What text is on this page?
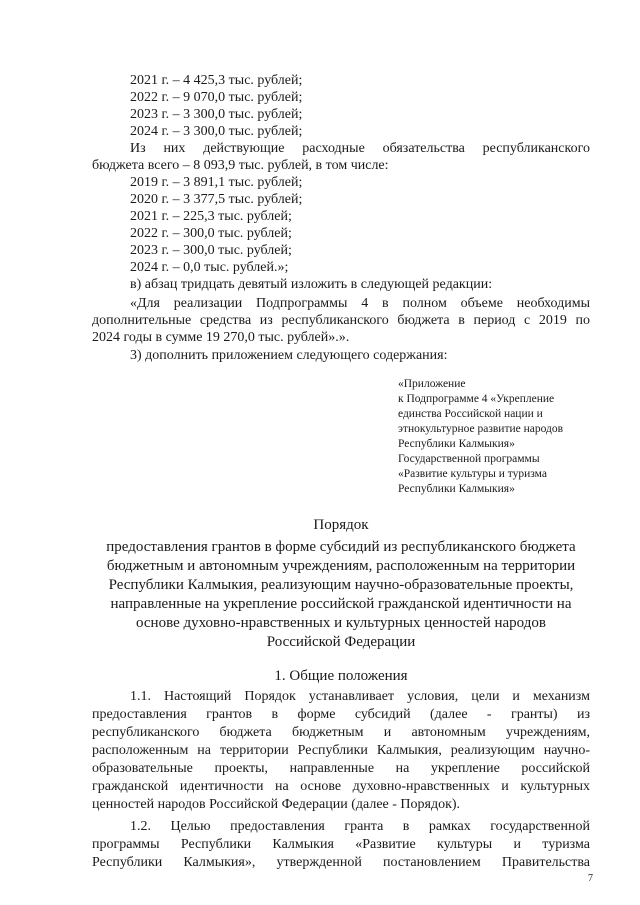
2021 г. – 4 425,3 тыс. рублей;
2022 г. – 9 070,0 тыс. рублей;
2023 г. – 3 300,0 тыс. рублей;
2024 г. – 3 300,0 тыс. рублей;
Из них действующие расходные обязательства республиканского
бюджета всего – 8 093,9 тыс. рублей, в том числе:
2019 г. – 3 891,1 тыс. рублей;
2020 г. – 3 377,5 тыс. рублей;
2021 г. – 225,3 тыс. рублей;
2022 г. – 300,0 тыс. рублей;
2023 г. – 300,0 тыс. рублей;
2024 г. – 0,0 тыс. рублей.»;
в) абзац тридцать девятый изложить в следующей редакции:
«Для реализации Подпрограммы 4 в полном объеме необходимы
дополнительные средства из республиканского бюджета в период с 2019 по
2024 годы в сумме 19 270,0 тыс. рублей».».
3) дополнить приложением следующего содержания:
«Приложение
к Подпрограмме 4 «Укрепление
единства Российской нации и
этнокультурное развитие народов
Республики Калмыкия»
Государственной программы
«Развитие культуры и туризма
Республики Калмыкия»
Порядок
предоставления грантов в форме субсидий из республиканского бюджета
бюджетным и автономным учреждениям, расположенным на территории
Республики Калмыкия, реализующим научно-образовательные проекты,
направленные на укрепление российской гражданской идентичности на
основе духовно-нравственных и культурных ценностей народов
Российской Федерации
1. Общие положения
1.1. Настоящий Порядок устанавливает условия, цели и механизм
предоставления грантов в форме субсидий (далее - гранты) из
республиканского бюджета бюджетным и автономным учреждениям,
расположенным на территории Республики Калмыкия, реализующим научно-
образовательные проекты, направленные на укрепление российской
гражданской идентичности на основе духовно-нравственных и культурных
ценностей народов Российской Федерации (далее - Порядок).
1.2. Целью предоставления гранта в рамках государственной
программы Республики Калмыкия «Развитие культуры и туризма
Республики Калмыкия», утвержденной постановлением Правительства
7
